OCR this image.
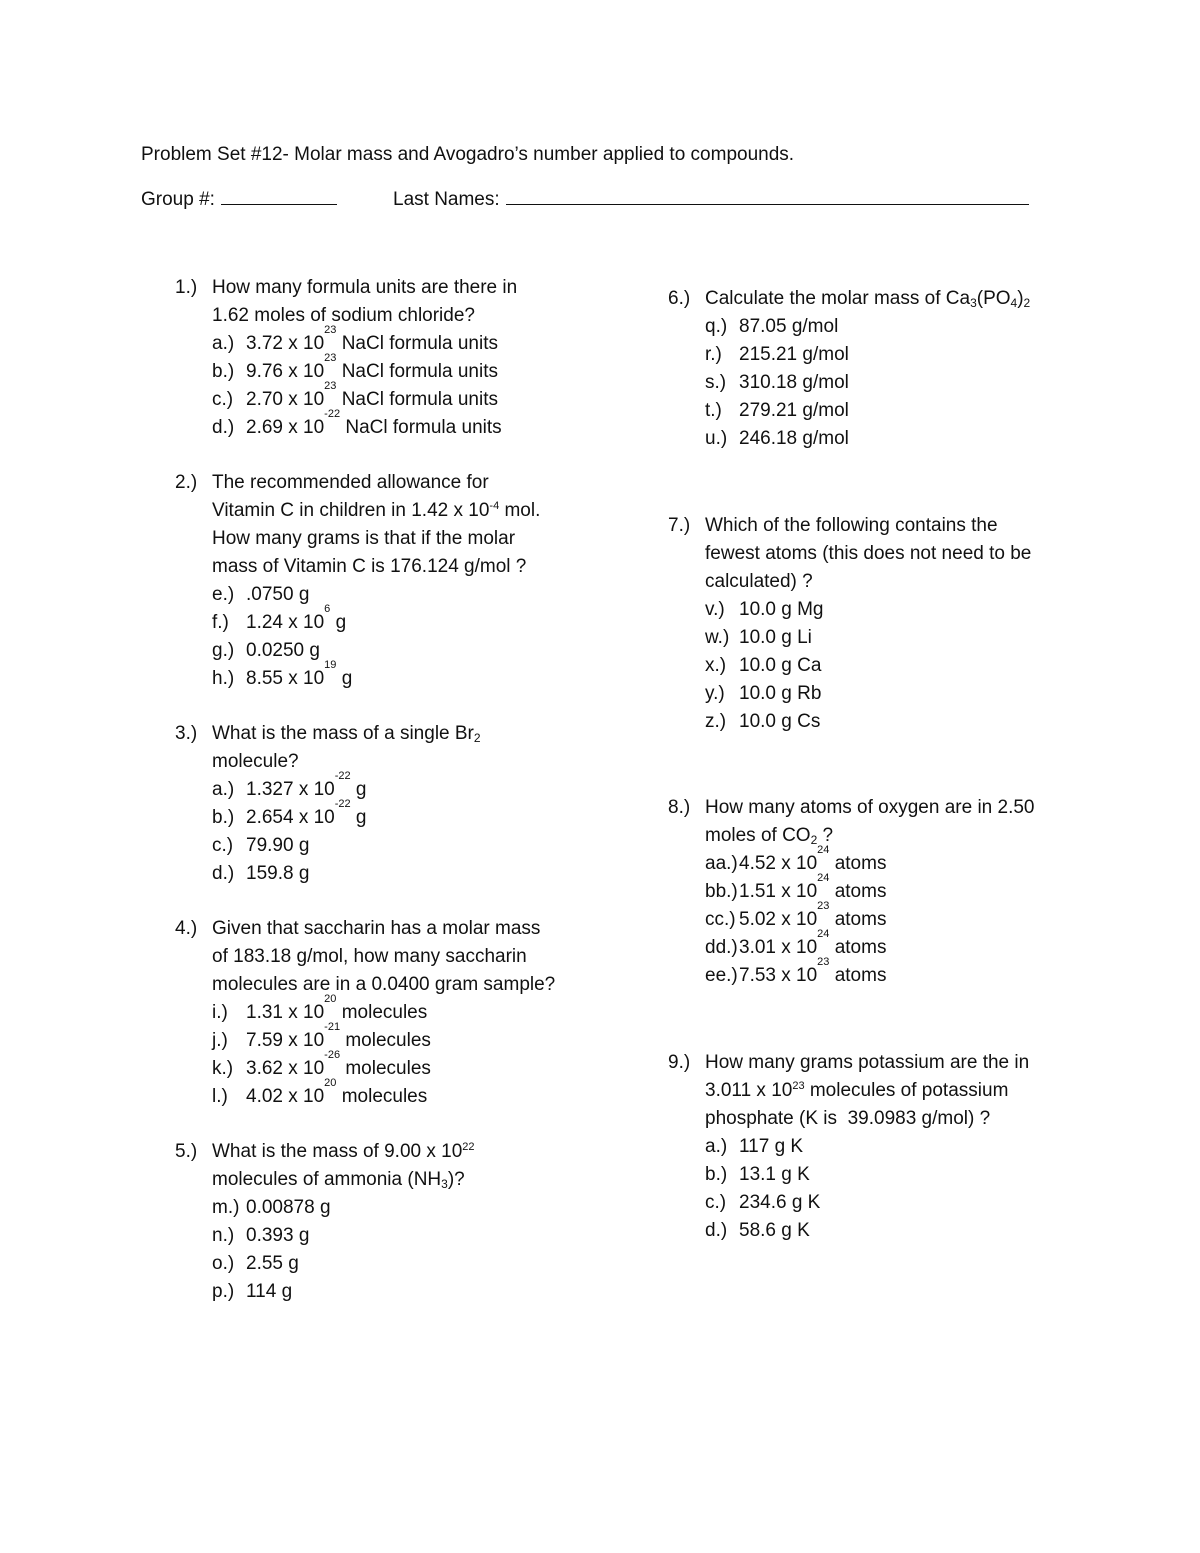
Problem Set #12- Molar mass and Avogadro’s number applied to compounds.
Group #:	Last Names:
1.) How many formula units are there in
1.62 moles of sodium chloride?
a.) 3.72 x 10
23
NaCl formula units
b.) 9.76 x 10
23
NaCl formula units
c.) 2.70 x 10
23
NaCl formula units
d.) 2.69 x 10
-22
NaCl formula units
2.) The recommended allowance for
Vitamin C in children in 1.42 x $10^{-4}$ mol.
How many grams is that if the molar
mass of Vitamin C is 176.124 g/mol ?
e.) .0750 g
f.) 1.24 x 10
6
g
g.) 0.0250 g
h.) 8.55 x 10
19
g
3.) What is the mass of a single $Br_2$
molecule?
a.) 1.327 x 10
-22
g
b.) 2.654 x 10
-22
g
c.) 79.90 g
d.) 159.8 g
4.) Given that saccharin has a molar mass
of 183.18 g/mol, how many saccharin
molecules are in a 0.0400 gram sample?
i.) 1.31 x 10
20
molecules
j.) 7.59 x 10
-21
molecules
k.) 3.62 x 10
-26
molecules
l.) 4.02 x 10
20
molecules
5.) What is the mass of 9.00 x $10^{22}$
molecules of ammonia $(NH_3)$?
m.) 0.00878 g
n.) 0.393 g
o.) 2.55 g
p.) 114 g
6.) Calculate the molar mass of $Ca_3(PO_4)_2$
q.) 87.05 g/mol
r.) 215.21 g/mol
s.) 310.18 g/mol
t.) 279.21 g/mol
u.) 246.18 g/mol
7.) Which of the following contains the
fewest atoms (this does not need to be
calculated) ?
v.) 10.0 g Mg
w.) 10.0 g Li
x.) 10.0 g Ca
y.) 10.0 g Rb
z.) 10.0 g Cs
8.) How many atoms of oxygen are in 2.50
moles of $CO_2$ ?
aa.) 4.52 x 10
24
atoms
bb.) 1.51 x 10
24
atoms
cc.) 5.02 x 10
23
atoms
dd.) 3.01 x 10
24
atoms
ee.) 7.53 x 10
23
atoms
9.) How many grams potassium are the in
3.011 x $10^{23}$ molecules of potassium
phosphate (K is  39.0983 g/mol) ?
a.) 117 g K
b.) 13.1 g K
c.) 234.6 g K
d.) 58.6 g K
